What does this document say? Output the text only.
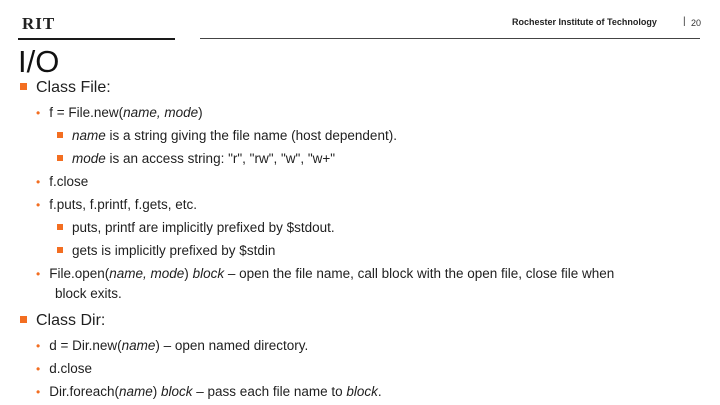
RIT	Rochester Institute of Technology	| 20
I/O
Class File:
• f = File.new(name, mode)
name is a string giving the file name (host dependent).
mode is an access string: "r", "rw", "w", "w+"
• f.close
• f.puts, f.printf, f.gets, etc.
puts, printf are implicitly prefixed by $stdout.
gets is implicitly prefixed by $stdin
• File.open(name, mode) block – open the file name, call block with the open file, close file when
block exits.
Class Dir:
• d = Dir.new(name) – open named directory.
• d.close
• Dir.foreach(name) block – pass each file name to block.
